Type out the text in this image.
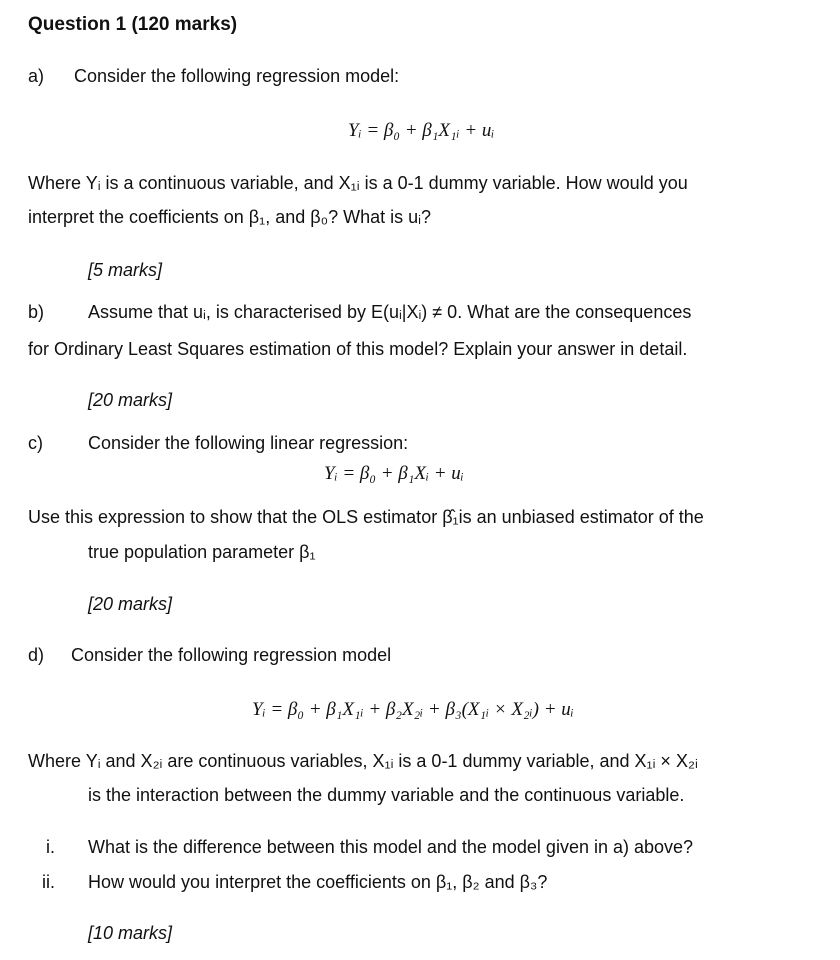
Question 1 (120 marks)
a) Consider the following regression model:
Yᵢ = β₀ + β₁X₁ᵢ + uᵢ
Where Yᵢ is a continuous variable, and X₁ᵢ is a 0-1 dummy variable. How would you
interpret the coefficients on β₁, and β₀? What is uᵢ?
[5 marks]
b) Assume that uᵢ, is characterised by E(uᵢ|Xᵢ) ≠ 0. What are the consequences
for Ordinary Least Squares estimation of this model? Explain your answer in detail.
[20 marks]
c)	Consider the following linear regression:
Yᵢ = β₀ + β₁Xᵢ + uᵢ
Use this expression to show that the OLS estimator β̂₁is an unbiased estimator of the
true population parameter β₁
[20 marks]
d) Consider the following regression model
Yᵢ = β₀ + β₁X₁ᵢ + β₂X₂ᵢ + β₃(X₁ᵢ × X₂ᵢ) + uᵢ
Where Yᵢ and X₂ᵢ are continuous variables, X₁ᵢ is a 0-1 dummy variable, and X₁ᵢ × X₂ᵢ
is the interaction between the dummy variable and the continuous variable.
i. What is the difference between this model and the model given in a) above?
ii. How would you interpret the coefficients on β₁, β₂ and β₃?
[10 marks]
